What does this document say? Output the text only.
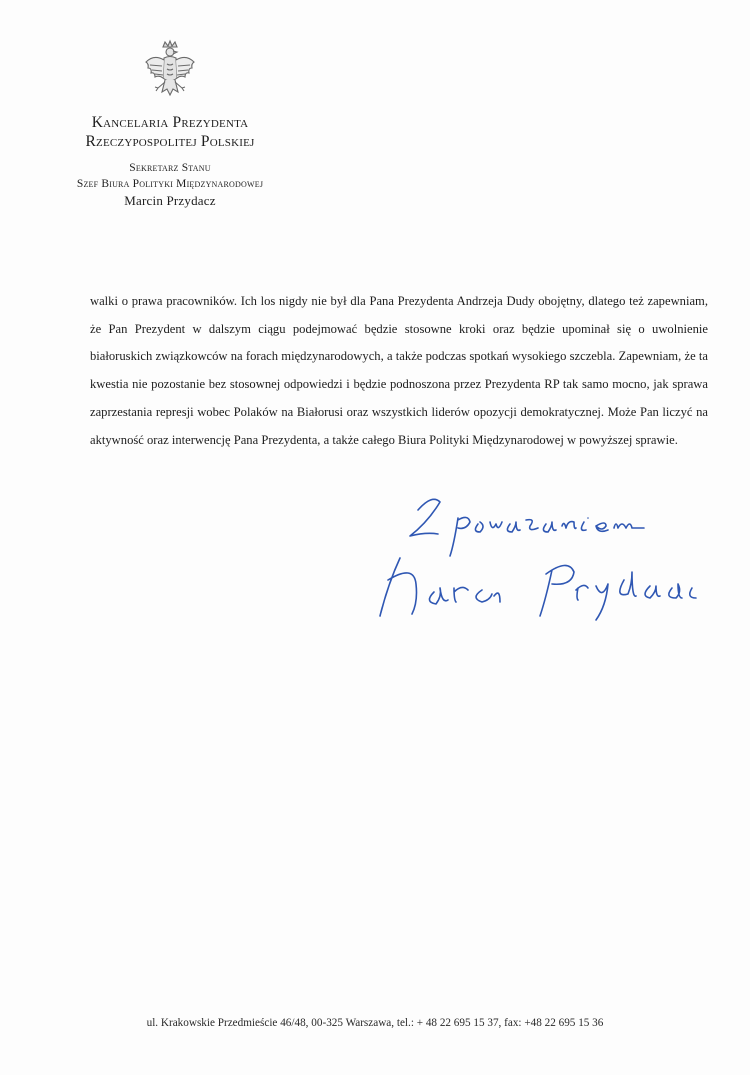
Kancelaria Prezydenta
Rzeczypospolitej Polskiej
Sekretarz Stanu
Szef Biura Polityki Międzynarodowej
Marcin Przydacz

walki o prawa pracowników. Ich los nigdy nie był dla Pana Prezydenta Andrzeja Dudy obojętny, dlatego też zapewniam, że Pan Prezydent w dalszym ciągu podejmować będzie stosowne kroki oraz będzie upominał się o uwolnienie białoruskich związkowców na forach międzynarodowych, a także podczas spotkań wysokiego szczebla. Zapewniam, że ta kwestia nie pozostanie bez stosownej odpowiedzi i będzie podnoszona przez Prezydenta RP tak samo mocno, jak sprawa zaprzestania represji wobec Polaków na Białorusi oraz wszystkich liderów opozycji demokratycznej. Może Pan liczyć na aktywność oraz interwencję Pana Prezydenta, a także całego Biura Polityki Międzynarodowej w powyższej sprawie.

ul. Krakowskie Przedmieście 46/48, 00-325 Warszawa, tel.: + 48 22 695 15 37, fax: +48 22 695 15 36
